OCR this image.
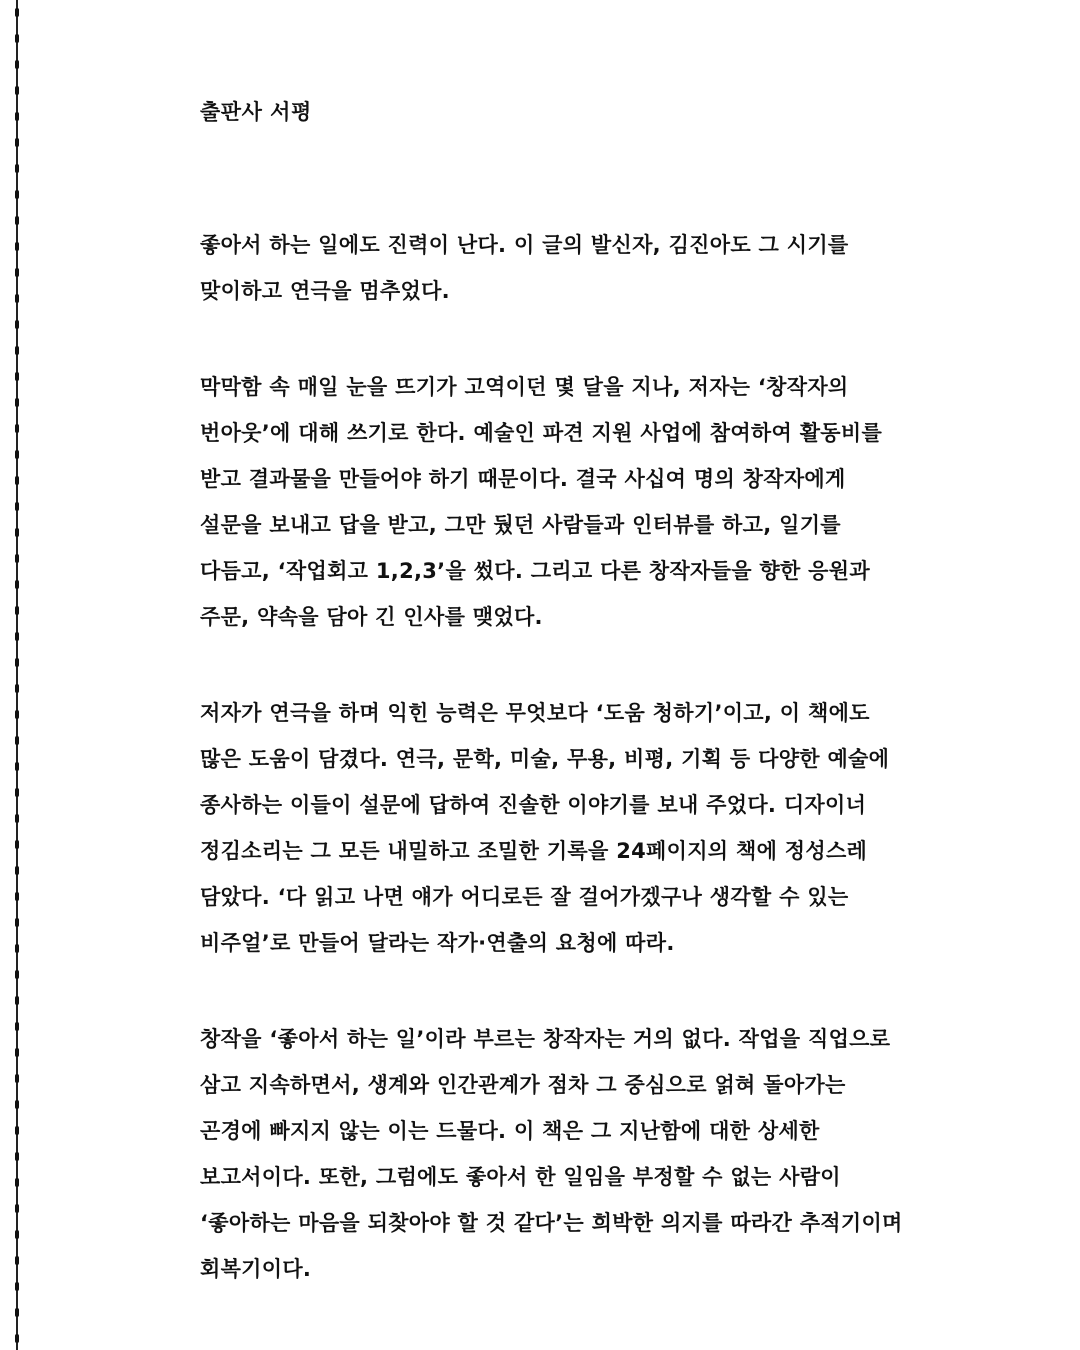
출판사 서평
좋아서 하는 일에도 진력이 난다. 이 글의 발신자, 김진아도 그 시기를
맞이하고 연극을 멈추었다.
막막함 속 매일 눈을 뜨기가 고역이던 몇 달을 지나, 저자는 ‘창작자의
번아웃’에 대해 쓰기로 한다. 예술인 파견 지원 사업에 참여하여 활동비를
받고 결과물을 만들어야 하기 때문이다. 결국 사십여 명의 창작자에게
설문을 보내고 답을 받고, 그만 뒀던 사람들과 인터뷰를 하고, 일기를
다듬고, ‘작업회고 1,2,3’을 썼다. 그리고 다른 창작자들을 향한 응원과
주문, 약속을 담아 긴 인사를 맺었다.
저자가 연극을 하며 익힌 능력은 무엇보다 ‘도움 청하기’이고, 이 책에도
많은 도움이 담겼다. 연극, 문학, 미술, 무용, 비평, 기획 등 다양한 예술에
종사하는 이들이 설문에 답하여 진솔한 이야기를 보내 주었다. 디자이너
정김소리는 그 모든 내밀하고 조밀한 기록을 24페이지의 책에 정성스레
담았다. ‘다 읽고 나면 얘가 어디로든 잘 걸어가겠구나 생각할 수 있는
비주얼’로 만들어 달라는 작가·연출의 요청에 따라.
창작을 ‘좋아서 하는 일’이라 부르는 창작자는 거의 없다. 작업을 직업으로
삼고 지속하면서, 생계와 인간관계가 점차 그 중심으로 얽혀 돌아가는
곤경에 빠지지 않는 이는 드물다. 이 책은 그 지난함에 대한 상세한
보고서이다. 또한, 그럼에도 좋아서 한 일임을 부정할 수 없는 사람이
‘좋아하는 마음을 되찾아야 할 것 같다’는 희박한 의지를 따라간 추적기이며
회복기이다.
